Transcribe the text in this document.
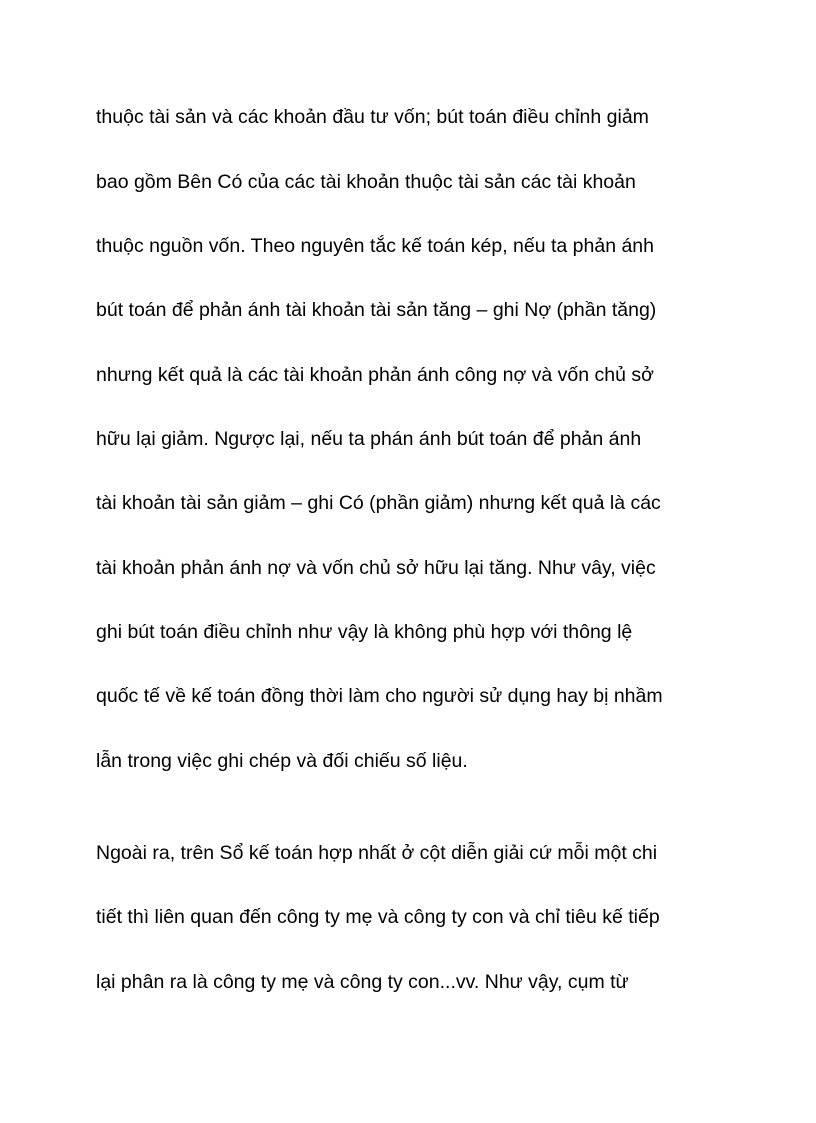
thuộc tài sản và các khoản đầu tư vốn; bút toán điều chỉnh giảm
bao gồm Bên Có của các tài khoản thuộc tài sản các tài khoản
thuộc nguồn vốn. Theo nguyên tắc kế toán kép, nếu ta phản ánh
bút toán để phản ánh tài khoản tài sản tăng – ghi Nợ (phần tăng)
nhưng kết quả là các tài khoản phản ánh công nợ và vốn chủ sở
hữu lại giảm. Ngược lại, nếu ta phán ánh bút toán để phản ánh
tài khoản tài sản giảm – ghi Có (phần giảm) nhưng kết quả là các
tài khoản phản ánh nợ và vốn chủ sở hữu lại tăng. Như vây, việc
ghi bút toán điều chỉnh như vậy là không phù hợp với thông lệ
quốc tế về kế toán đồng thời làm cho người sử dụng hay bị nhầm
lẫn trong việc ghi chép và đối chiếu số liệu.
Ngoài ra, trên Sổ kế toán hợp nhất ở cột diễn giải cứ mỗi một chi
tiết thì liên quan đến công ty mẹ và công ty con và chỉ tiêu kế tiếp
lại phân ra là công ty mẹ và công ty con...vv. Như vậy, cụm từ
